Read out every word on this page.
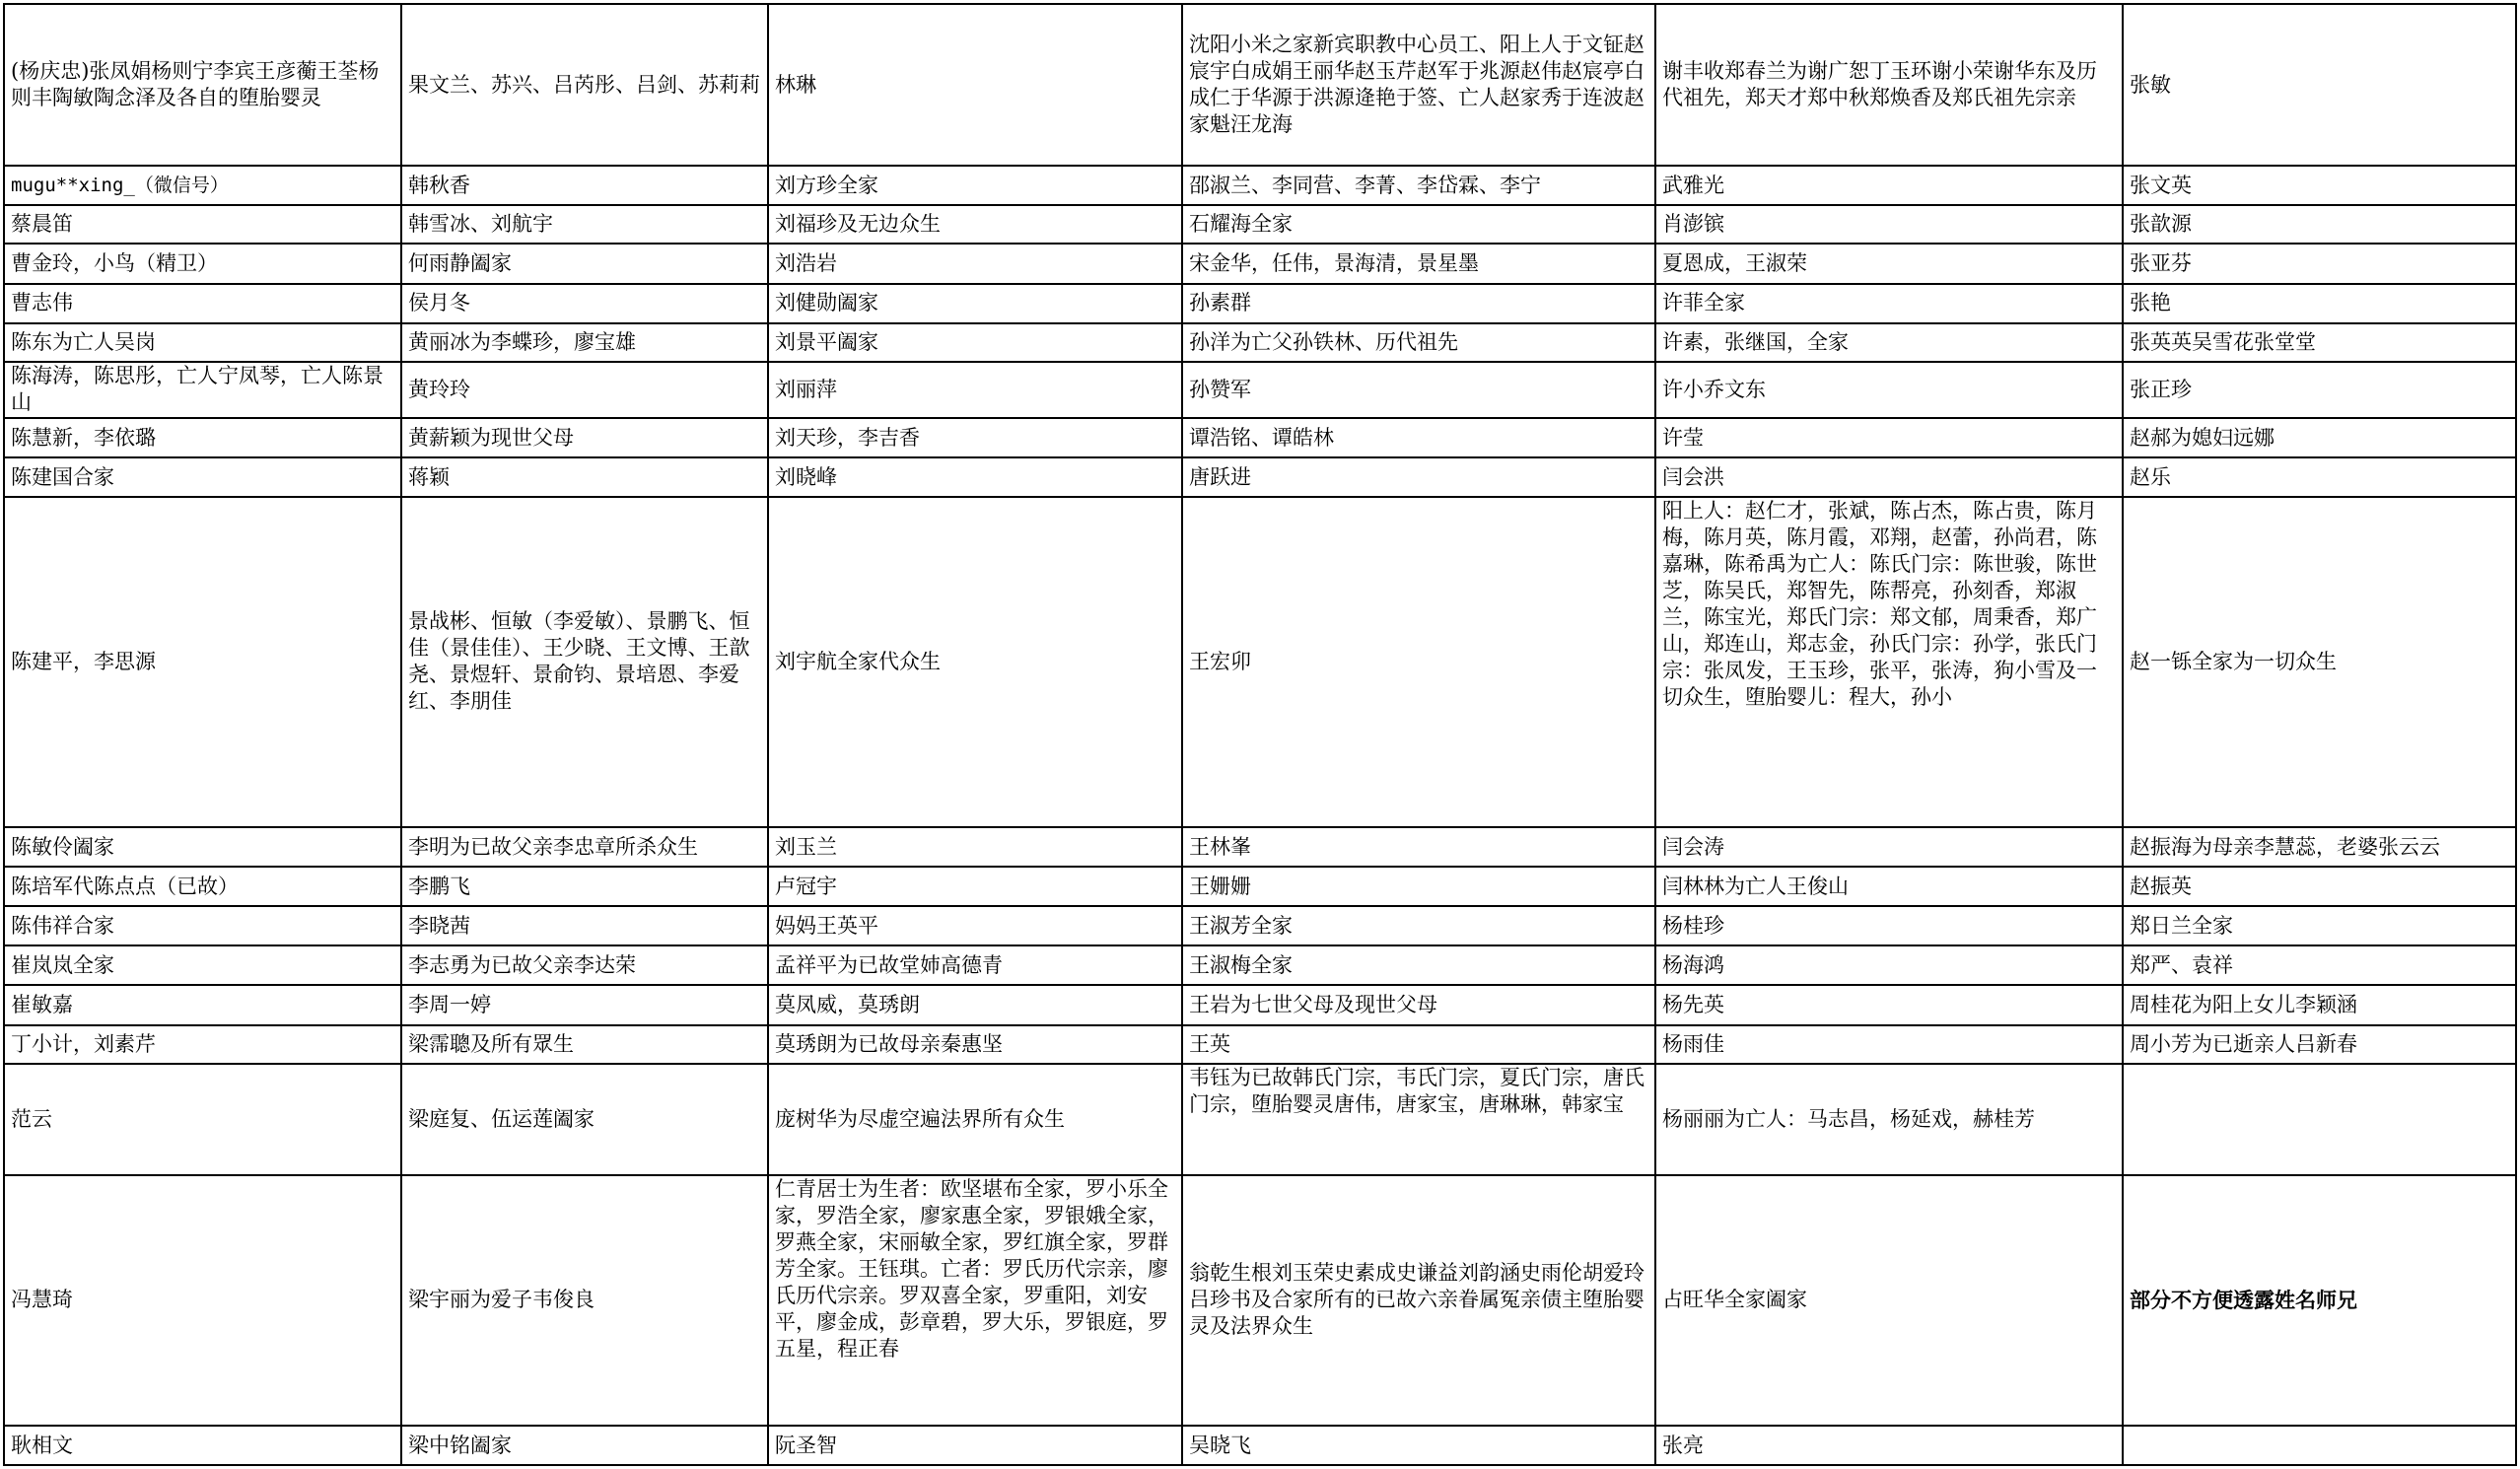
(杨庆忠)张凤娟杨则宁李宾王彦蘅王荃杨则丰陶敏陶念泽及各自的堕胎婴灵	果文兰、苏兴、吕芮彤、吕剑、苏莉莉	林琳	沈阳小米之家新宾职教中心员工、阳上人于文钲赵宸宇白成娟王丽华赵玉芹赵军于兆源赵伟赵宸亭白成仁于华源于洪源逄艳于签、亡人赵家秀于连波赵家魁汪龙海	谢丰收郑春兰为谢广恕丁玉环谢小荣谢华东及历代祖先，郑天才郑中秋郑焕香及郑氏祖先宗亲	张敏
mugu**xing_（微信号）	韩秋香	刘方珍全家	邵淑兰、李同营、李菁、李岱霖、李宁	武雅光	张文英
蔡晨笛	韩雪冰、刘航宇	刘福珍及无边众生	石耀海全家	肖澎镔	张歆源
曹金玲，小鸟（精卫）	何雨静阖家	刘浩岩	宋金华，任伟，景海清，景星墨	夏恩成，王淑荣	张亚芬
曹志伟	侯月冬	刘健勋阖家	孙素群	许菲全家	张艳
陈东为亡人吴岗	黄丽冰为李蝶珍，廖宝雄	刘景平阖家	孙洋为亡父孙铁林、历代祖先	许素，张继国，全家	张英英吴雪花张堂堂
陈海涛，陈思彤，亡人宁凤琴，亡人陈景山	黄玲玲	刘丽萍	孙赞军	许小乔文东	张正珍
陈慧新，李依璐	黄薪颖为现世父母	刘天珍，李吉香	谭浩铭、谭皓林	许莹	赵郝为媳妇远娜
陈建国合家	蒋颖	刘晓峰	唐跃进	闫会洪	赵乐
陈建平，李思源	景战彬、恒敏（李爱敏）、景鹏飞、恒佳（景佳佳）、王少晓、王文博、王歆尧、景煜轩、景俞钧、景培恩、李爱红、李朋佳	刘宇航全家代众生	王宏卯	阳上人：赵仁才，张斌，陈占杰，陈占贵，陈月梅，陈月英，陈月霞，邓翔，赵蕾，孙尚君，陈嘉琳，陈希禹为亡人：陈氏门宗：陈世骏，陈世芝，陈吴氏，郑智先，陈帮亮，孙刻香，郑淑兰，陈宝光，郑氏门宗：郑文郁，周秉香，郑广山，郑连山，郑志金，孙氏门宗：孙学，张氏门宗：张凤发，王玉珍，张平，张涛，狗小雪及一切众生，堕胎婴儿：程大，孙小	赵一铄全家为一切众生
陈敏伶阖家	李明为已故父亲李忠章所杀众生	刘玉兰	王林峯	闫会涛	赵振海为母亲李慧蕊，老婆张云云
陈培军代陈点点（已故）	李鹏飞	卢冠宇	王姗姗	闫林林为亡人王俊山	赵振英
陈伟祥合家	李晓茜	妈妈王英平	王淑芳全家	杨桂珍	郑日兰全家
崔岚岚全家	李志勇为已故父亲李达荣	孟祥平为已故堂姉高德青	王淑梅全家	杨海鸿	郑严、袁祥
崔敏嘉	李周一婷	莫凤威，莫琇朗	王岩为七世父母及现世父母	杨先英	周桂花为阳上女儿李颖涵
丁小计，刘素芹	梁霈聰及所有眾生	莫琇朗为已故母亲秦惠坚	王英	杨雨佳	周小芳为已逝亲人吕新春
范云	梁庭复、伍运莲阖家	庞树华为尽虚空遍法界所有众生	韦钰为已故韩氏门宗，韦氏门宗，夏氏门宗，唐氏门宗，堕胎婴灵唐伟，唐家宝，唐琳琳，韩家宝	杨丽丽为亡人：马志昌，杨延戏，赫桂芳	
冯慧琦	梁宇丽为爱子韦俊良	仁青居士为生者：欧坚堪布全家，罗小乐全家，罗浩全家，廖家惠全家，罗银娥全家，罗燕全家，宋丽敏全家，罗红旗全家，罗群芳全家。王钰琪。亡者：罗氏历代宗亲，廖氏历代宗亲。罗双喜全家，罗重阳，刘安平，廖金成，彭章碧，罗大乐，罗银庭，罗五星，程正春	翁乾生根刘玉荣史素成史谦益刘韵涵史雨伦胡爱玲吕珍书及合家所有的已故六亲眷属冤亲债主堕胎婴灵及法界众生	占旺华全家阖家	部分不方便透露姓名师兄
耿相文	梁中铭阖家	阮圣智	吴晓飞	张亮	
